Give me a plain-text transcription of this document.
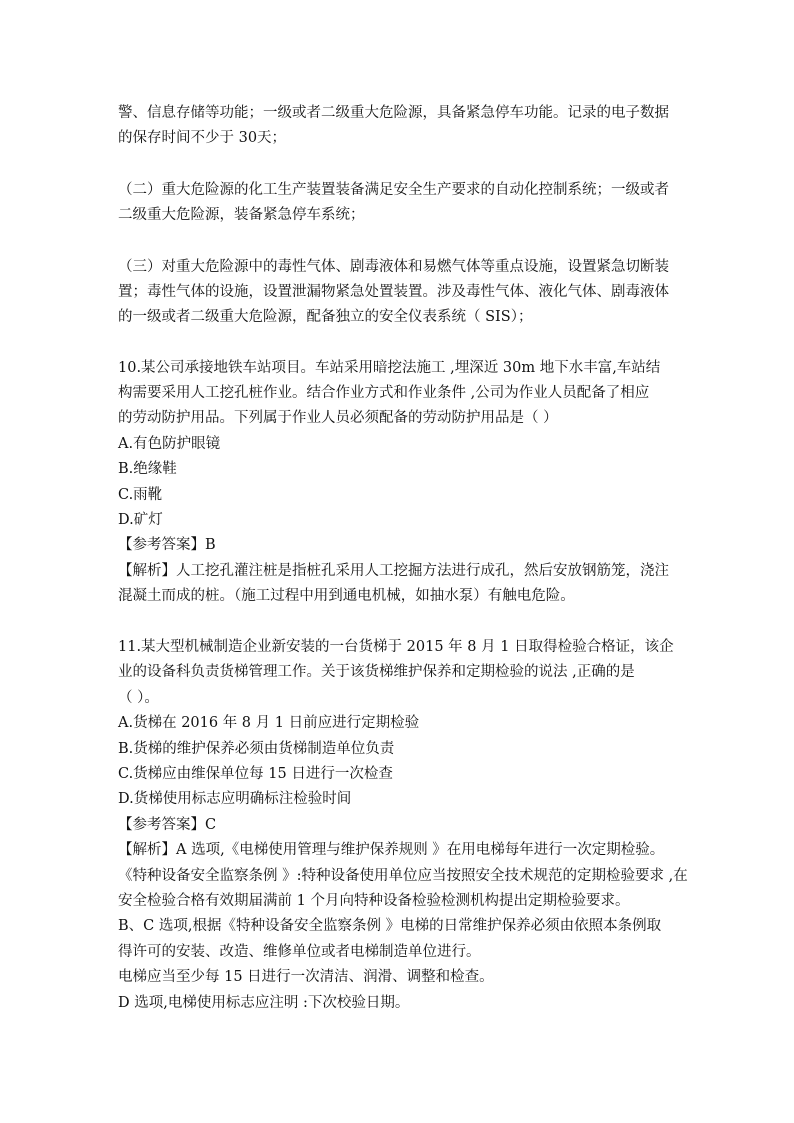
警、信息存储等功能；一级或者二级重大危险源，具备紧急停车功能。记录的电子数据
的保存时间不少于 30天；
（二）重大危险源的化工生产装置装备满足安全生产要求的自动化控制系统；一级或者
二级重大危险源，装备紧急停车系统；
（三）对重大危险源中的毒性气体、剧毒液体和易燃气体等重点设施，设置紧急切断装
置；毒性气体的设施，设置泄漏物紧急处置装置。涉及毒性气体、液化气体、剧毒液体
的一级或者二级重大危险源，配备独立的安全仪表系统（ SIS）；
10.某公司承接地铁车站项目。车站采用暗挖法施工 ,埋深近 30m 地下水丰富,车站结
构需要采用人工挖孔桩作业。结合作业方式和作业条件 ,公司为作业人员配备了相应
的劳动防护用品。下列属于作业人员必须配备的劳动防护用品是（ ）
A.有色防护眼镜
B.绝缘鞋
C.雨靴
D.矿灯
【参考答案】B
【解析】人工挖孔灌注桩是指桩孔采用人工挖掘方法进行成孔，然后安放钢筋笼，浇注
混凝土而成的桩。（施工过程中用到通电机械，如抽水泵）有触电危险。
11.某大型机械制造企业新安装的一台货梯于 2015 年 8 月 1 日取得检验合格证，该企
业的设备科负责货梯管理工作。关于该货梯维护保养和定期检验的说法 ,正确的是
（ ）。
A.货梯在 2016 年 8 月 1 日前应进行定期检验
B.货梯的维护保养必须由货梯制造单位负责
C.货梯应由维保单位每 15 日进行一次检查
D.货梯使用标志应明确标注检验时间
【参考答案】C
【解析】A 选项,《电梯使用管理与维护保养规则 》在用电梯每年进行一次定期检验。
《特种设备安全监察条例 》:特种设备使用单位应当按照安全技术规范的定期检验要求 ,在
安全检验合格有效期届满前 1 个月向特种设备检验检测机构提出定期检验要求。
B、C 选项,根据《特种设备安全监察条例 》电梯的日常维护保养必须由依照本条例取
得许可的安装、改造、维修单位或者电梯制造单位进行。
电梯应当至少每 15 日进行一次清洁、润滑、调整和检查。
D 选项,电梯使用标志应注明 :下次校验日期。
